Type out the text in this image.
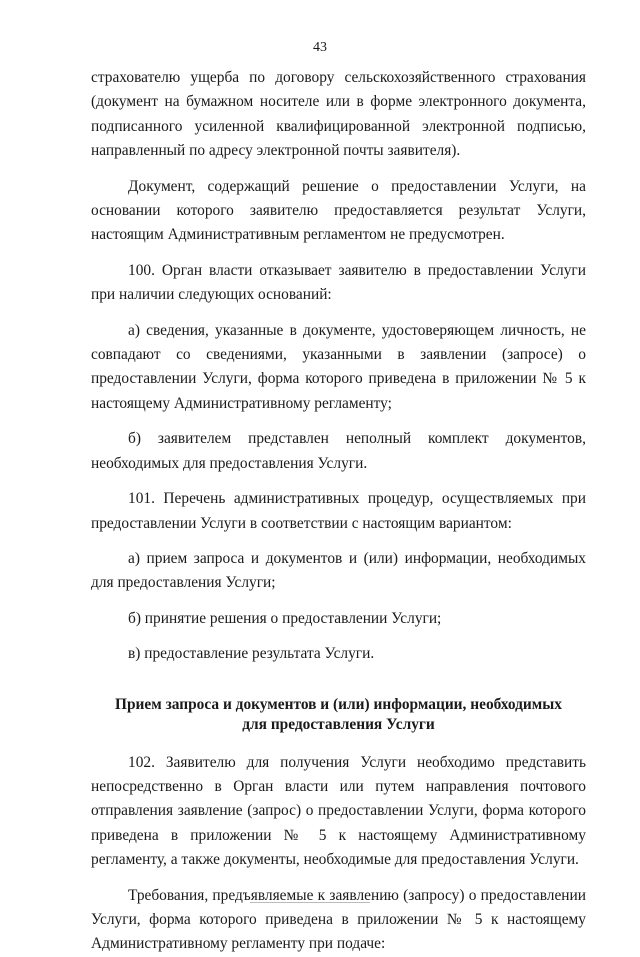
43

страхователю ущерба по договору сельскохозяйственного страхования (документ на бумажном носителе или в форме электронного документа, подписанного усиленной квалифицированной электронной подписью, направленный по адресу электронной почты заявителя).

Документ, содержащий решение о предоставлении Услуги, на основании которого заявителю предоставляется результат Услуги, настоящим Административным регламентом не предусмотрен.

100. Орган власти отказывает заявителю в предоставлении Услуги при наличии следующих оснований:

а) сведения, указанные в документе, удостоверяющем личность, не совпадают со сведениями, указанными в заявлении (запросе) о предоставлении Услуги, форма которого приведена в приложении № 5 к настоящему Административному регламенту;

б) заявителем представлен неполный комплект документов, необходимых для предоставления Услуги.

101. Перечень административных процедур, осуществляемых при предоставлении Услуги в соответствии с настоящим вариантом:

а) прием запроса и документов и (или) информации, необходимых для предоставления Услуги;

б) принятие решения о предоставлении Услуги;

в) предоставление результата Услуги.

Прием запроса и документов и (или) информации, необходимых
для предоставления Услуги

102. Заявителю для получения Услуги необходимо представить непосредственно в Орган власти или путем направления почтового отправления заявление (запрос) о предоставлении Услуги, форма которого приведена в приложении № 5 к настоящему Административному регламенту, а также документы, необходимые для предоставления Услуги.

Требования, предъявляемые к заявлению (запросу) о предоставлении Услуги, форма которого приведена в приложении № 5 к настоящему Административному регламенту при подаче:
